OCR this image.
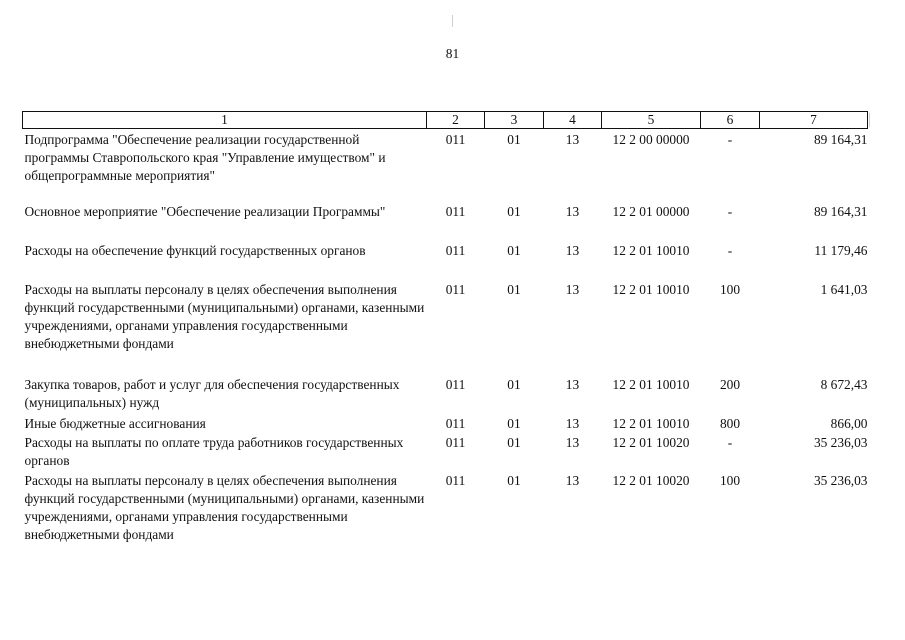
81
1	2	3	4	5	6	7
Подпрограмма "Обеспечение реализации государственной программы Ставропольского края "Управление имуществом" и общепрограммные мероприятия"	011	01	13	12 2 00 00000	-	89 164,31
Основное мероприятие "Обеспечение реализации Программы"	011	01	13	12 2 01 00000	-	89 164,31
Расходы на обеспечение функций государственных органов	011	01	13	12 2 01 10010	-	11 179,46
Расходы на выплаты персоналу в целях обеспечения выполнения функций государственными (муниципальными) органами, казенными учреждениями, органами управления государственными внебюджетными фондами	011	01	13	12 2 01 10010	100	1 641,03
Закупка товаров, работ и услуг для обеспечения государственных (муниципальных) нужд	011	01	13	12 2 01 10010	200	8 672,43
Иные бюджетные ассигнования	011	01	13	12 2 01 10010	800	866,00
Расходы на выплаты по оплате труда работников государственных органов	011	01	13	12 2 01 10020	-	35 236,03
Расходы на выплаты персоналу в целях обеспечения выполнения функций государственными (муниципальными) органами, казенными учреждениями, органами управления государственными внебюджетными фондами	011	01	13	12 2 01 10020	100	35 236,03
